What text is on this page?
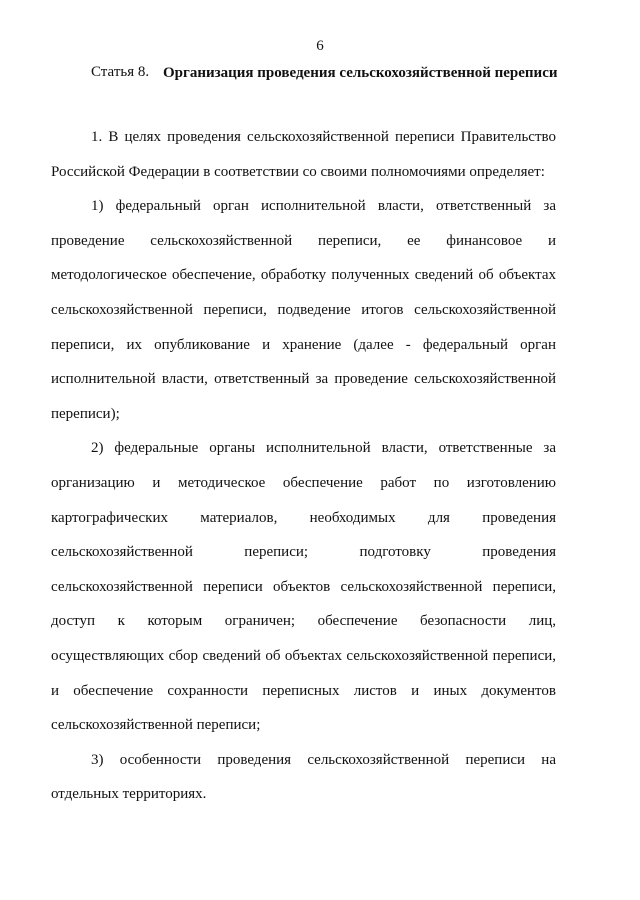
6
Статья 8. Организация проведения сельскохозяйственной переписи

1. В целях проведения сельскохозяйственной переписи Правительство Российской Федерации в соответствии со своими полномочиями определяет:

1) федеральный орган исполнительной власти, ответственный за проведение сельскохозяйственной переписи, ее финансовое и методологическое обеспечение, обработку полученных сведений об объектах сельскохозяйственной переписи, подведение итогов сельскохозяйственной переписи, их опубликование и хранение (далее - федеральный орган исполнительной власти, ответственный за проведение сельскохозяйственной переписи);

2) федеральные органы исполнительной власти, ответственные за организацию и методическое обеспечение работ по изготовлению картографических материалов, необходимых для проведения сельскохозяйственной переписи; подготовку проведения сельскохозяйственной переписи объектов сельскохозяйственной переписи, доступ к которым ограничен; обеспечение безопасности лиц, осуществляющих сбор сведений об объектах сельскохозяйственной переписи, и обеспечение сохранности переписных листов и иных документов сельскохозяйственной переписи;

3) особенности проведения сельскохозяйственной переписи на отдельных территориях.
